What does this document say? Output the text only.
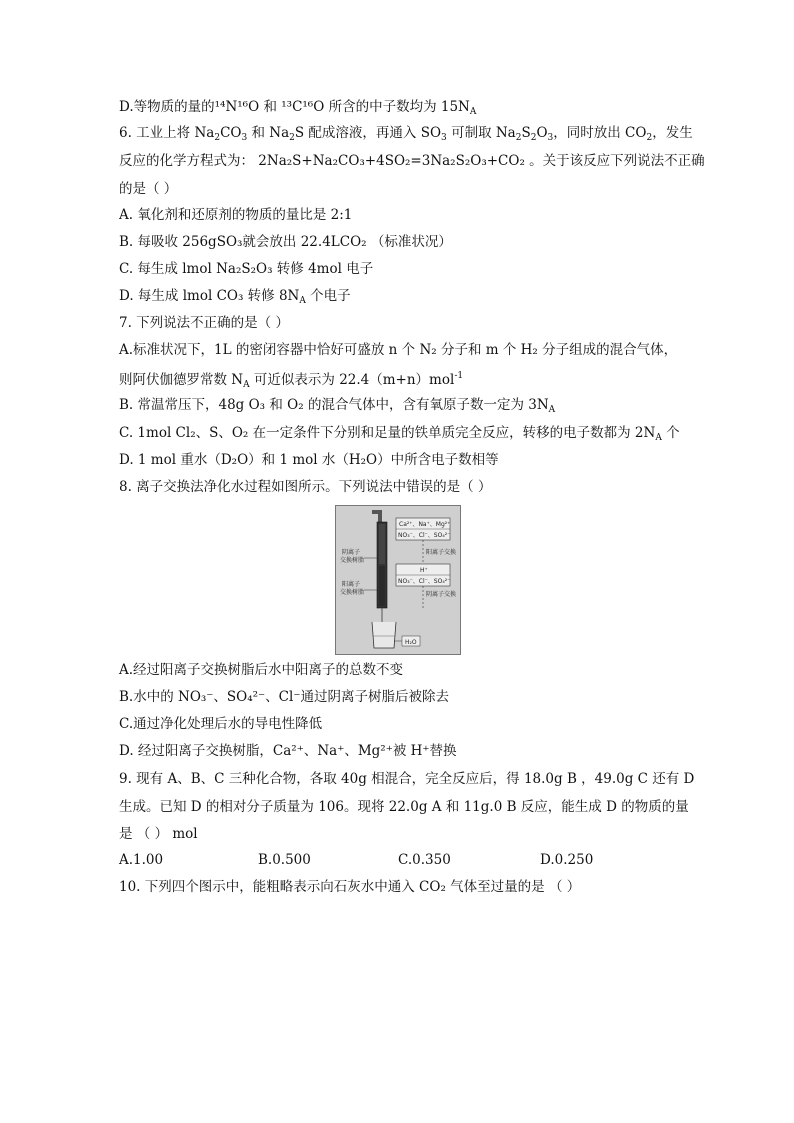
D.等物质的量的¹⁴N¹⁶O 和 ¹³C¹⁶O 所含的中子数均为 $15N_A$
6. 工业上将 $Na_2CO_3$ 和 $Na_2S$ 配成溶液，再通入 $SO_3$ 可制取 $Na_2S_2O_3$，同时放出 $CO_2$，发生
反应的化学方程式为： 2Na₂S+Na₂CO₃+4SO₂=3Na₂S₂O₃+CO₂ 。关于该反应下列说法不正确
的是（ ）
A. 氧化剂和还原剂的物质的量比是 2:1
B. 每吸收 256gSO₃就会放出 22.4LCO₂ （标准状况）
C. 每生成 lmol Na₂S₂O₃ 转修 4mol 电子
D. 每生成 lmol CO₃ 转修 $8N_A$ 个电子
7. 下列说法不正确的是（ ）
A.标准状况下，1L 的密闭容器中恰好可盛放 n 个 N₂ 分子和 m 个 H₂ 分子组成的混合气体，
则阿伏伽德罗常数 $N_A$ 可近似表示为 22.4（m+n）mol$^{-1}$
B. 常温常压下，48g O₃ 和 O₂ 的混合气体中，含有氧原子数一定为 $3N_A$
C. 1mol Cl₂、S、O₂ 在一定条件下分别和足量的铁单质完全反应，转移的电子数都为 $2N_A$ 个
D. 1 mol 重水（D₂O）和 1 mol 水（H₂O）中所含电子数相等
8. 离子交换法净化水过程如图所示。下列说法中错误的是（ ）
Ca²⁺、Na⁺、Mg²⁺
NO₃⁻、Cl⁻、SO₄²⁻
阳离子交换
H⁺
NO₃⁻、Cl⁻、SO₄²⁻
阴离子交换
阴离子
交换树脂
阳离子
交换树脂
H₂O
A.经过阳离子交换树脂后水中阳离子的总数不变
B.水中的 NO₃⁻、SO₄²⁻、Cl⁻通过阴离子树脂后被除去
C.通过净化处理后水的导电性降低
D. 经过阳离子交换树脂，Ca²⁺、Na⁺、Mg²⁺被 H⁺替换
9. 现有 A、B、C 三种化合物，各取 40g 相混合，完全反应后，得 18.0g B ，49.0g C 还有 D
生成。已知 D 的相对分子质量为 106。现将 22.0g A 和 11g.0 B 反应，能生成 D 的物质的量
是 （ ） mol
A.1.00	B.0.500	C.0.350	D.0.250
10. 下列四个图示中，能粗略表示向石灰水中通入 CO₂ 气体至过量的是 （ ）
